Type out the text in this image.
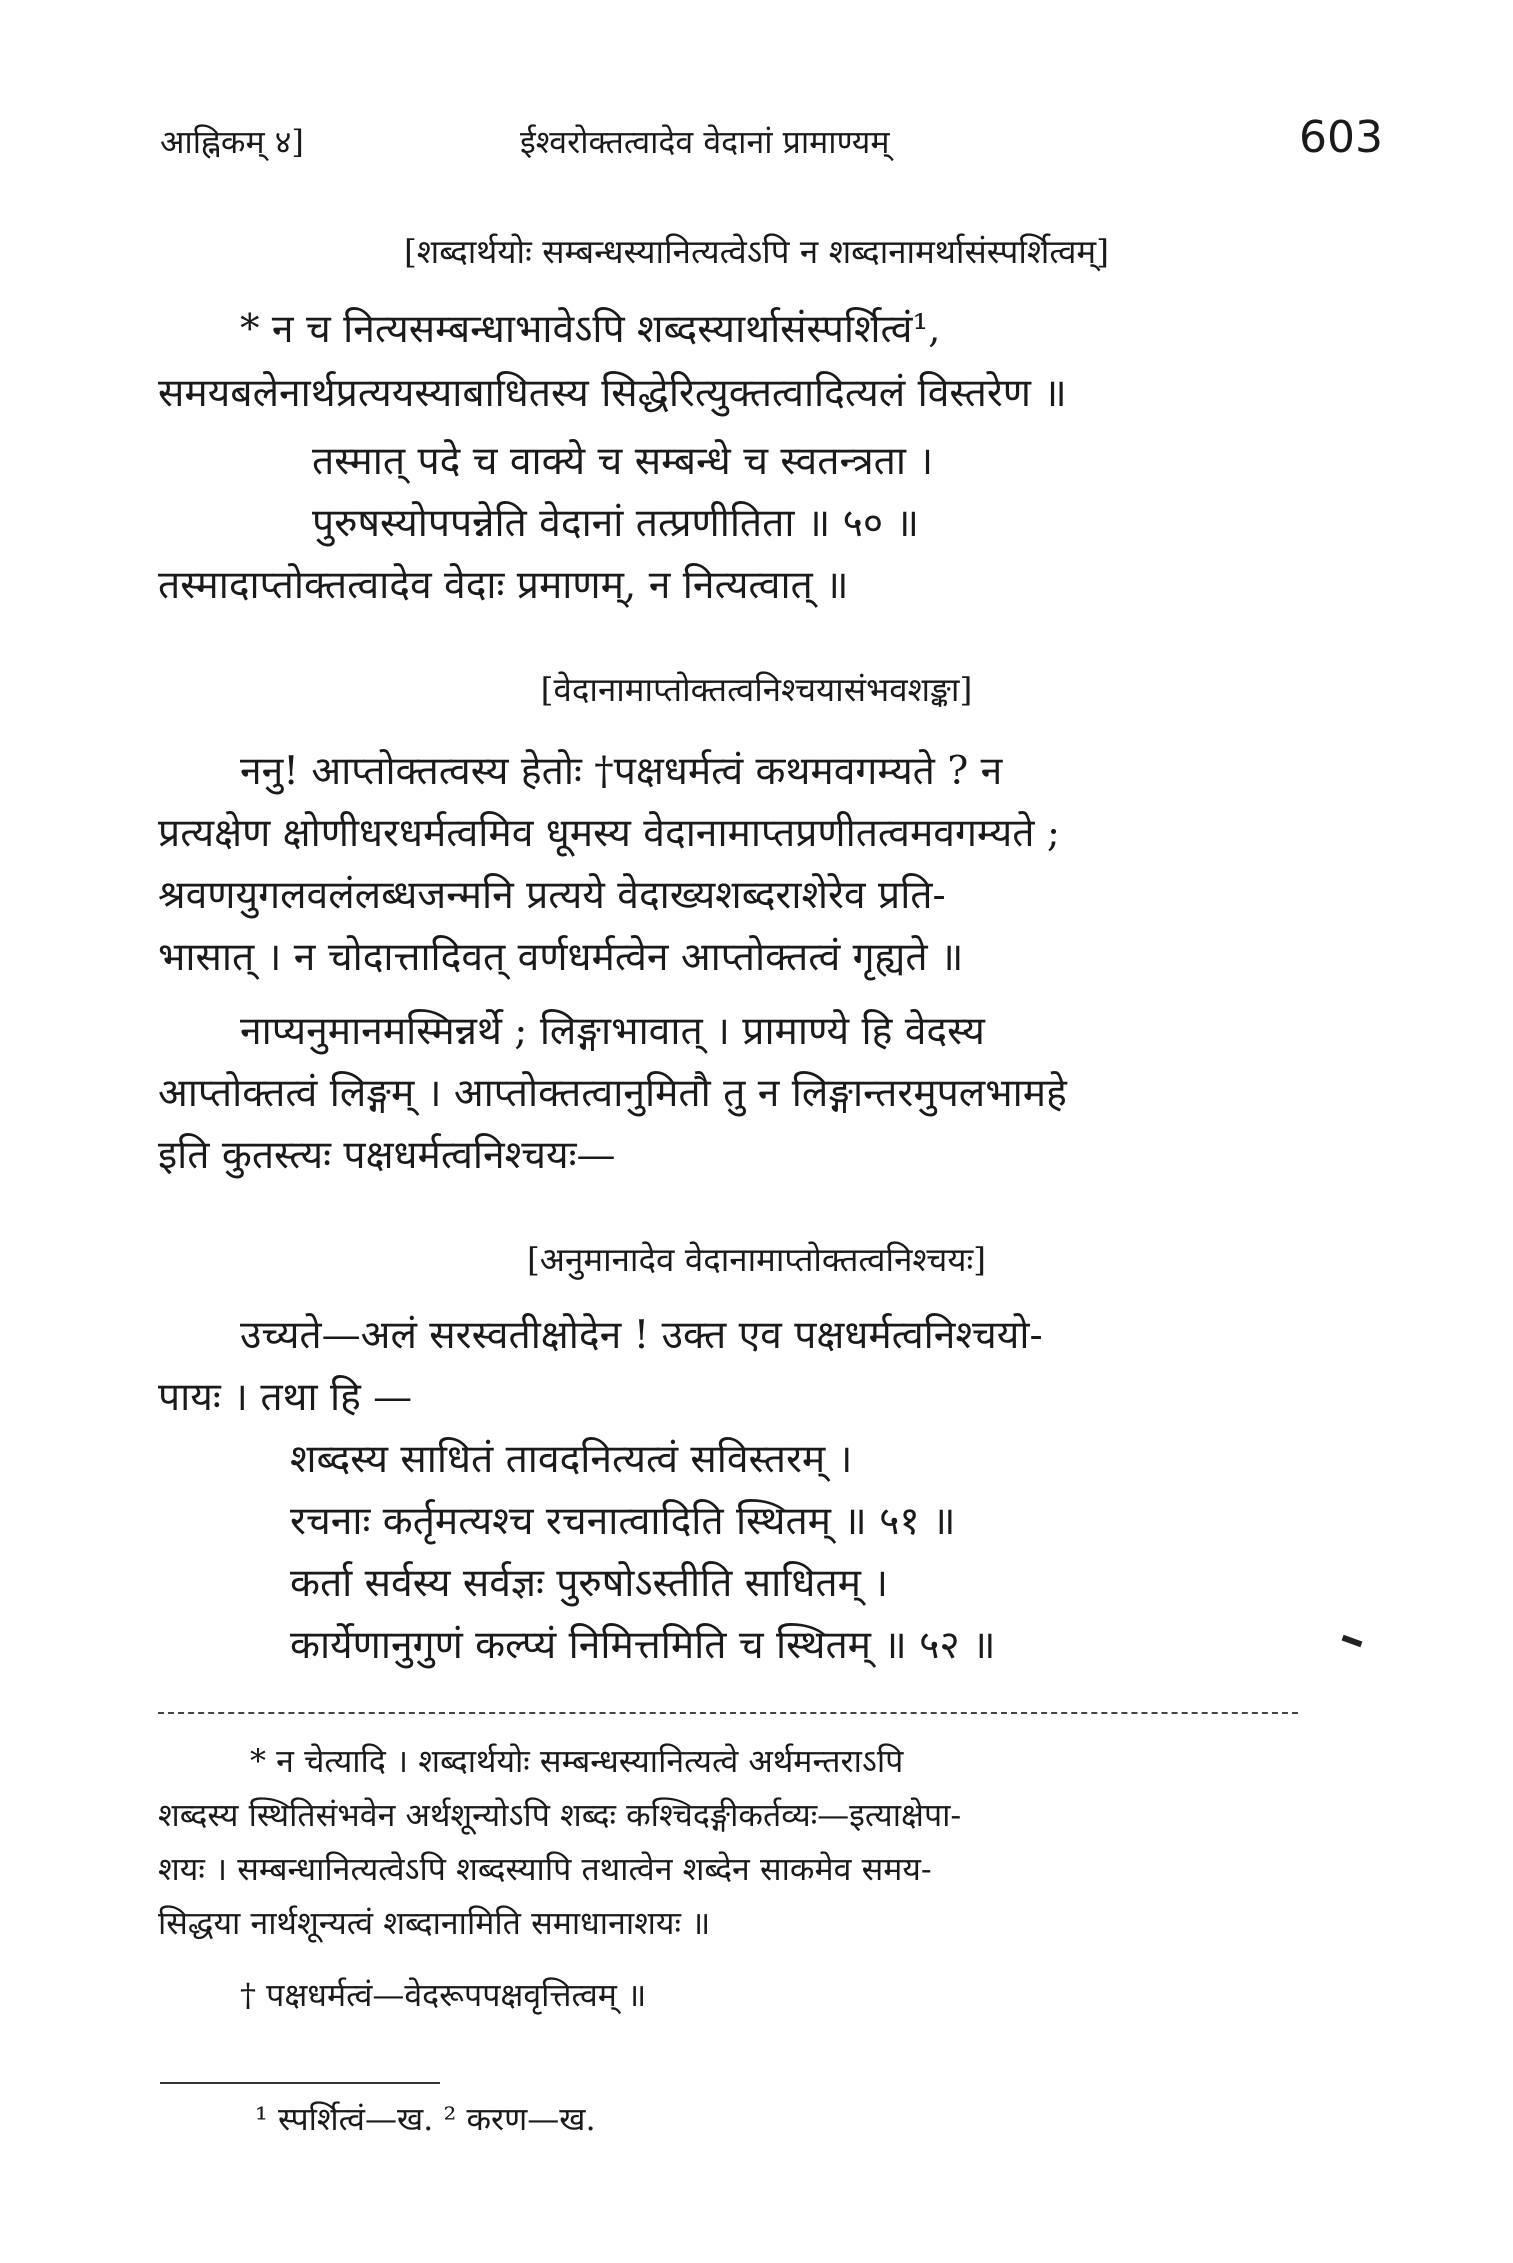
आह्निकम् ४]	ईश्वरोक्तत्वादेव वेदानां प्रामाण्यम्	603
[शब्दार्थयोः सम्बन्धस्यानित्यत्वेऽपि न शब्दानामर्थासंस्पर्शित्वम्]
* न च नित्यसम्बन्धाभावेऽपि शब्दस्यार्थासंस्पर्शित्वं¹,
समयबलेनार्थप्रत्ययस्याबाधितस्य सिद्धेरित्युक्तत्वादित्यलं विस्तरेण ॥
तस्मात् पदे च वाक्ये च सम्बन्धे च स्वतन्त्रता ।
पुरुषस्योपपन्नेति वेदानां तत्प्रणीतिता ॥ ५० ॥
तस्मादाप्तोक्तत्वादेव वेदाः प्रमाणम्, न नित्यत्वात् ॥
[वेदानामाप्तोक्तत्वनिश्चयासंभवशङ्का]
ननु! आप्तोक्तत्वस्य हेतोः †पक्षधर्मत्वं कथमवगम्यते ? न
प्रत्यक्षेण क्षोणीधरधर्मत्वमिव धूमस्य वेदानामाप्तप्रणीतत्वमवगम्यते ;
श्रवणयुगलवलंलब्धजन्मनि प्रत्यये वेदाख्यशब्दराशेरेव प्रति-
भासात् । न चोदात्तादिवत् वर्णधर्मत्वेन आप्तोक्तत्वं गृह्यते ॥
नाप्यनुमानमस्मिन्नर्थे ; लिङ्गाभावात् । प्रामाण्ये हि वेदस्य
आप्तोक्तत्वं लिङ्गम् । आप्तोक्तत्वानुमितौ तु न लिङ्गान्तरमुपलभामहे
इति कुतस्त्यः पक्षधर्मत्वनिश्चयः—
[अनुमानादेव वेदानामाप्तोक्तत्वनिश्चयः]
उच्यते—अलं सरस्वतीक्षोदेन ! उक्त एव पक्षधर्मत्वनिश्चयो-
पायः । तथा हि —
शब्दस्य साधितं तावदनित्यत्वं सविस्तरम् ।
रचनाः कर्तृमत्यश्च रचनात्वादिति स्थितम् ॥ ५१ ॥
कर्ता सर्वस्य सर्वज्ञः पुरुषोऽस्तीति साधितम् ।
कार्येणानुगुणं कल्प्यं निमित्तमिति च स्थितम् ॥ ५२ ॥
* न चेत्यादि । शब्दार्थयोः सम्बन्धस्यानित्यत्वे अर्थमन्तराऽपि
शब्दस्य स्थितिसंभवेन अर्थशून्योऽपि शब्दः कश्चिदङ्गीकर्तव्यः—इत्याक्षेपा-
शयः । सम्बन्धानित्यत्वेऽपि शब्दस्यापि तथात्वेन शब्देन साकमेव समय-
सिद्धया नार्थशून्यत्वं शब्दानामिति समाधानाशयः ॥
† पक्षधर्मत्वं—वेदरूपपक्षवृत्तित्वम् ॥
¹ स्पर्शित्वं—ख. ² करण—ख.
